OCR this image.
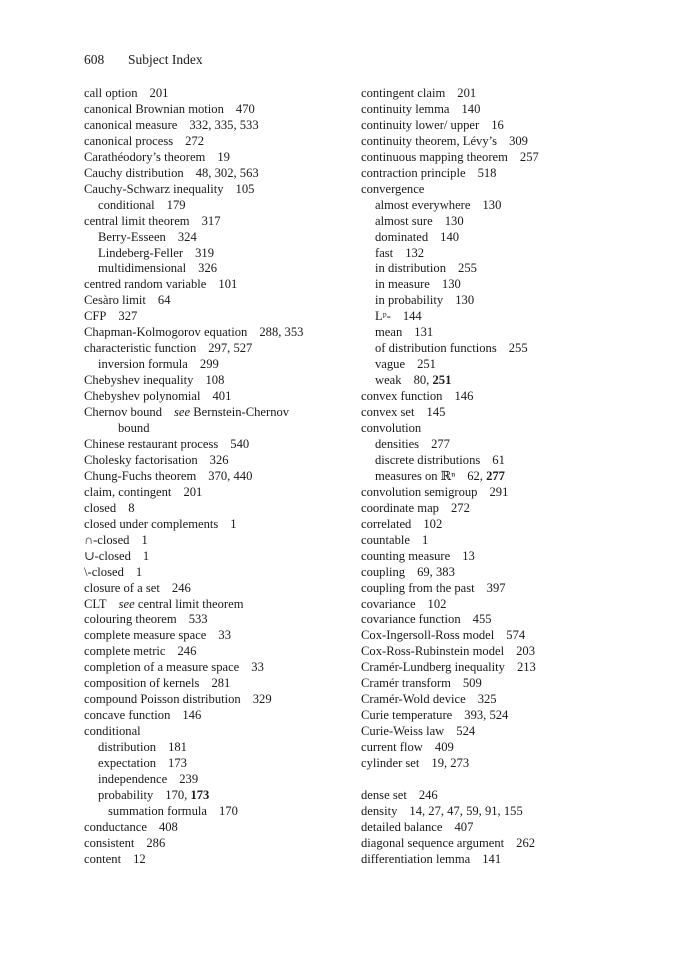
608 Subject Index
call option 201
canonical Brownian motion 470
canonical measure 332, 335, 533
canonical process 272
Carathéodory’s theorem 19
Cauchy distribution 48, 302, 563
Cauchy-Schwarz inequality 105
conditional 179
central limit theorem 317
Berry-Esseen 324
Lindeberg-Feller 319
multidimensional 326
centred random variable 101
Cesàro limit 64
CFP 327
Chapman-Kolmogorov equation 288, 353
characteristic function 297, 527
inversion formula 299
Chebyshev inequality 108
Chebyshev polynomial 401
Chernov bound see Bernstein-Chernov
bound
Chinese restaurant process 540
Cholesky factorisation 326
Chung-Fuchs theorem 370, 440
claim, contingent 201
closed 8
closed under complements 1
∩-closed 1
∪-closed 1
\-closed 1
closure of a set 246
CLT see central limit theorem
colouring theorem 533
complete measure space 33
complete metric 246
completion of a measure space 33
composition of kernels 281
compound Poisson distribution 329
concave function 146
conditional
distribution 181
expectation 173
independence 239
probability 170, 173
summation formula 170
conductance 408
consistent 286
content 12
contingent claim 201
continuity lemma 140
continuity lower/ upper 16
continuity theorem, Lévy’s 309
continuous mapping theorem 257
contraction principle 518
convergence
almost everywhere 130
almost sure 130
dominated 140
fast 132
in distribution 255
in measure 130
in probability 130
Lᵖ- 144
mean 131
of distribution functions 255
vague 251
weak 80, 251
convex function 146
convex set 145
convolution
densities 277
discrete distributions 61
measures on ℝⁿ 62, 277
convolution semigroup 291
coordinate map 272
correlated 102
countable 1
counting measure 13
coupling 69, 383
coupling from the past 397
covariance 102
covariance function 455
Cox-Ingersoll-Ross model 574
Cox-Ross-Rubinstein model 203
Cramér-Lundberg inequality 213
Cramér transform 509
Cramér-Wold device 325
Curie temperature 393, 524
Curie-Weiss law 524
current flow 409
cylinder set 19, 273
dense set 246
density 14, 27, 47, 59, 91, 155
detailed balance 407
diagonal sequence argument 262
differentiation lemma 141
